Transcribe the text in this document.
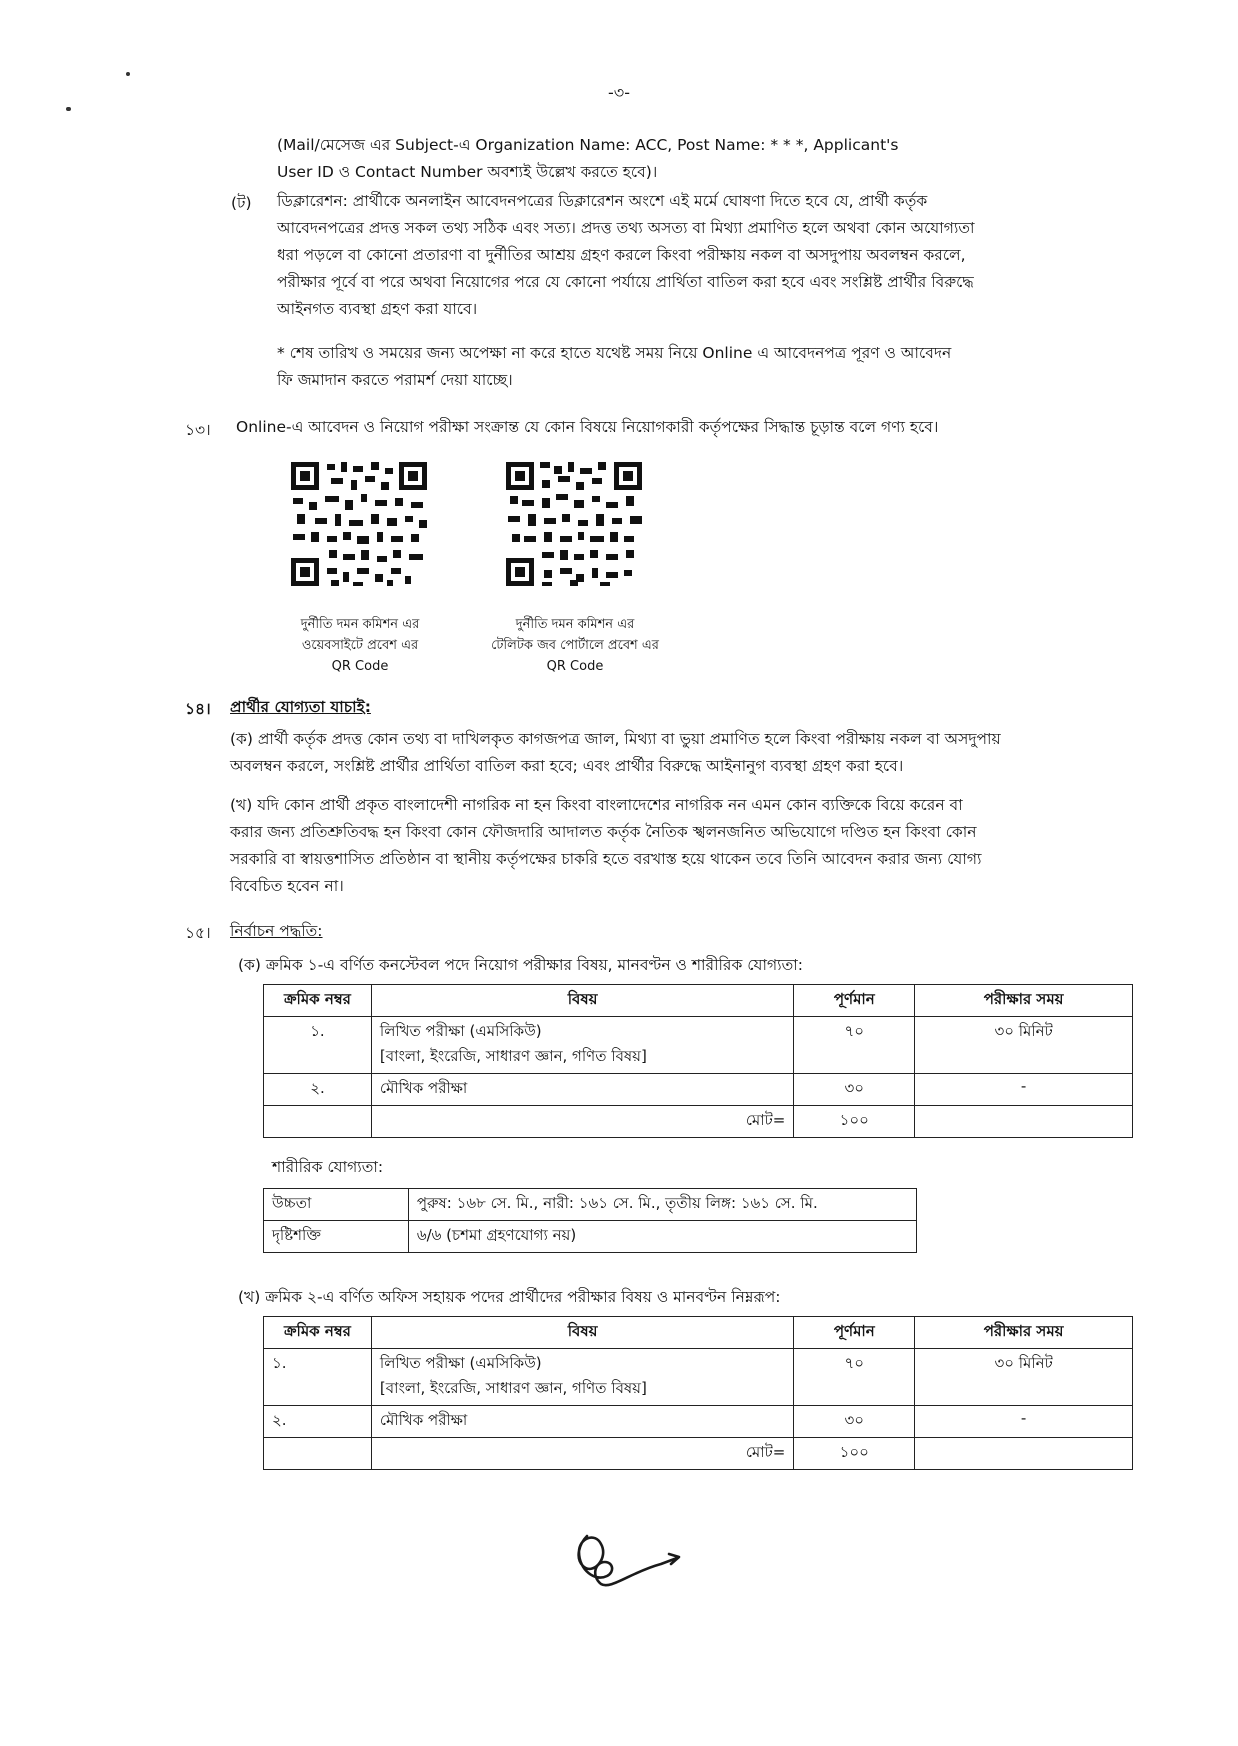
-৩-
(Mail/মেসেজ এর Subject-এ Organization Name: ACC, Post Name: * * *, Applicant's
User ID ও Contact Number অবশ্যই উল্লেখ করতে হবে)।
(ট) ডিক্লারেশন: প্রার্থীকে অনলাইন আবেদনপত্রের ডিক্লারেশন অংশে এই মর্মে ঘোষণা দিতে হবে যে, প্রার্থী কর্তৃক
আবেদনপত্রের প্রদত্ত সকল তথ্য সঠিক এবং সত্য। প্রদত্ত তথ্য অসত্য বা মিথ্যা প্রমাণিত হলে অথবা কোন অযোগ্যতা
ধরা পড়লে বা কোনো প্রতারণা বা দুর্নীতির আশ্রয় গ্রহণ করলে কিংবা পরীক্ষায় নকল বা অসদুপায় অবলম্বন করলে,
পরীক্ষার পূর্বে বা পরে অথবা নিয়োগের পরে যে কোনো পর্যায়ে প্রার্থিতা বাতিল করা হবে এবং সংশ্লিষ্ট প্রার্থীর বিরুদ্ধে
আইনগত ব্যবস্থা গ্রহণ করা যাবে।
* শেষ তারিখ ও সময়ের জন্য অপেক্ষা না করে হাতে যথেষ্ট সময় নিয়ে Online এ আবেদনপত্র পূরণ ও আবেদন
ফি জমাদান করতে পরামর্শ দেয়া যাচ্ছে।
১৩। Online-এ আবেদন ও নিয়োগ পরীক্ষা সংক্রান্ত যে কোন বিষয়ে নিয়োগকারী কর্তৃপক্ষের সিদ্ধান্ত চূড়ান্ত বলে গণ্য হবে।
দুর্নীতি দমন কমিশন এর
ওয়েবসাইটে প্রবেশ এর
QR Code
দুর্নীতি দমন কমিশন এর
টেলিটক জব পোর্টালে প্রবেশ এর
QR Code
১৪। প্রার্থীর যোগ্যতা যাচাই:
(ক) প্রার্থী কর্তৃক প্রদত্ত কোন তথ্য বা দাখিলকৃত কাগজপত্র জাল, মিথ্যা বা ভুয়া প্রমাণিত হলে কিংবা পরীক্ষায় নকল বা অসদুপায়
অবলম্বন করলে, সংশ্লিষ্ট প্রার্থীর প্রার্থিতা বাতিল করা হবে; এবং প্রার্থীর বিরুদ্ধে আইনানুগ ব্যবস্থা গ্রহণ করা হবে।
(খ) যদি কোন প্রার্থী প্রকৃত বাংলাদেশী নাগরিক না হন কিংবা বাংলাদেশের নাগরিক নন এমন কোন ব্যক্তিকে বিয়ে করেন বা
করার জন্য প্রতিশ্রুতিবদ্ধ হন কিংবা কোন ফৌজদারি আদালত কর্তৃক নৈতিক স্খলনজনিত অভিযোগে দণ্ডিত হন কিংবা কোন
সরকারি বা স্বায়ত্তশাসিত প্রতিষ্ঠান বা স্থানীয় কর্তৃপক্ষের চাকরি হতে বরখাস্ত হয়ে থাকেন তবে তিনি আবেদন করার জন্য যোগ্য
বিবেচিত হবেন না।
১৫। নির্বাচন পদ্ধতি:
(ক) ক্রমিক ১-এ বর্ণিত কনস্টেবল পদে নিয়োগ পরীক্ষার বিষয়, মানবণ্টন ও শারীরিক যোগ্যতা:
ক্রমিক নম্বর	বিষয়	পূর্ণমান	পরীক্ষার সময়
১.	লিখিত পরীক্ষা (এমসিকিউ)
[বাংলা, ইংরেজি, সাধারণ জ্ঞান, গণিত বিষয়]	৭০	৩০ মিনিট
২.	মৌখিক পরীক্ষা	৩০	-
	মোট=	১০০	
শারীরিক যোগ্যতা:
উচ্চতা	পুরুষ: ১৬৮ সে. মি., নারী: ১৬১ সে. মি., তৃতীয় লিঙ্গ: ১৬১ সে. মি.
দৃষ্টিশক্তি	৬/৬ (চশমা গ্রহণযোগ্য নয়)
(খ) ক্রমিক ২-এ বর্ণিত অফিস সহায়ক পদের প্রার্থীদের পরীক্ষার বিষয় ও মানবণ্টন নিম্নরূপ:
ক্রমিক নম্বর	বিষয়	পূর্ণমান	পরীক্ষার সময়
১.	লিখিত পরীক্ষা (এমসিকিউ)
[বাংলা, ইংরেজি, সাধারণ জ্ঞান, গণিত বিষয়]	৭০	৩০ মিনিট
২.	মৌখিক পরীক্ষা	৩০	-
	মোট=	১০০	
